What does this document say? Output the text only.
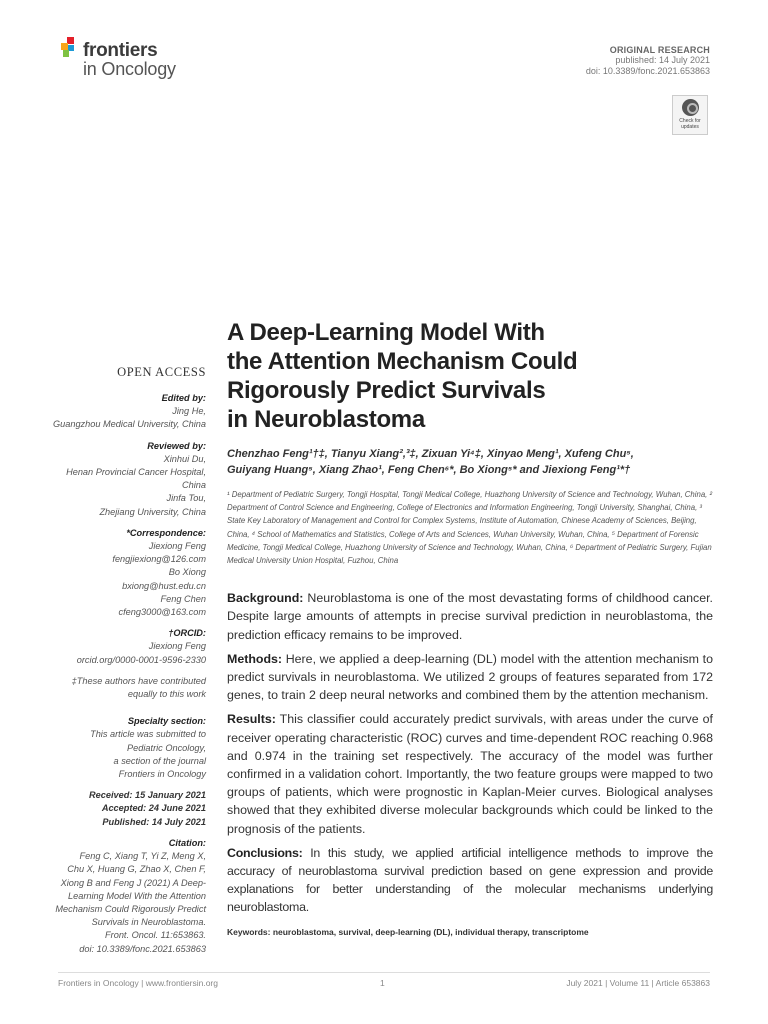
frontiers
in Oncology
ORIGINAL RESEARCH
published: 14 July 2021
doi: 10.3389/fonc.2021.653863
Check for updates
OPEN ACCESS
Edited by:
Jing He,
Guangzhou Medical University, China
Reviewed by:
Xinhui Du,
Henan Provincial Cancer Hospital,
China
Jinfa Tou,
Zhejiang University, China
*Correspondence:
Jiexiong Feng
fengjiexiong@126.com
Bo Xiong
bxiong@hust.edu.cn
Feng Chen
cfeng3000@163.com
†ORCID:
Jiexiong Feng
orcid.org/0000-0001-9596-2330
‡These authors have contributed
equally to this work
Specialty section:
This article was submitted to
Pediatric Oncology,
a section of the journal
Frontiers in Oncology
Received: 15 January 2021
Accepted: 24 June 2021
Published: 14 July 2021
Citation:
Feng C, Xiang T, Yi Z, Meng X,
Chu X, Huang G, Zhao X, Chen F,
Xiong B and Feng J (2021) A Deep-
Learning Model With the Attention
Mechanism Could Rigorously Predict
Survivals in Neuroblastoma.
Front. Oncol. 11:653863.
doi: 10.3389/fonc.2021.653863
A Deep-Learning Model With
the Attention Mechanism Could
Rigorously Predict Survivals
in Neuroblastoma
Chenzhao Feng¹†‡, Tianyu Xiang²,³‡, Zixuan Yi⁴‡, Xinyao Meng¹, Xufeng Chu⁵,
Guiyang Huang⁵, Xiang Zhao¹, Feng Chen⁶*, Bo Xiong⁵* and Jiexiong Feng¹*†
¹ Department of Pediatric Surgery, Tongji Hospital, Tongji Medical College, Huazhong University of Science and Technology, Wuhan, China, ² Department of Control Science and Engineering, College of Electronics and Information Engineering, Tongji University, Shanghai, China, ³ State Key Laboratory of Management and Control for Complex Systems, Institute of Automation, Chinese Academy of Sciences, Beijing, China, ⁴ School of Mathematics and Statistics, College of Arts and Sciences, Wuhan University, Wuhan, China, ⁵ Department of Forensic Medicine, Tongji Medical College, Huazhong University of Science and Technology, Wuhan, China, ⁶ Department of Pediatric Surgery, Fujian Medical University Union Hospital, Fuzhou, China

Background: Neuroblastoma is one of the most devastating forms of childhood cancer. Despite large amounts of attempts in precise survival prediction in neuroblastoma, the prediction efficacy remains to be improved.

Methods: Here, we applied a deep-learning (DL) model with the attention mechanism to predict survivals in neuroblastoma. We utilized 2 groups of features separated from 172 genes, to train 2 deep neural networks and combined them by the attention mechanism.

Results: This classifier could accurately predict survivals, with areas under the curve of receiver operating characteristic (ROC) curves and time-dependent ROC reaching 0.968 and 0.974 in the training set respectively. The accuracy of the model was further confirmed in a validation cohort. Importantly, the two feature groups were mapped to two groups of patients, which were prognostic in Kaplan-Meier curves. Biological analyses showed that they exhibited diverse molecular backgrounds which could be linked to the prognosis of the patients.

Conclusions: In this study, we applied artificial intelligence methods to improve the accuracy of neuroblastoma survival prediction based on gene expression and provide explanations for better understanding of the molecular mechanisms underlying neuroblastoma.

Keywords: neuroblastoma, survival, deep-learning (DL), individual therapy, transcriptome
Frontiers in Oncology | www.frontiersin.org	1	July 2021 | Volume 11 | Article 653863
